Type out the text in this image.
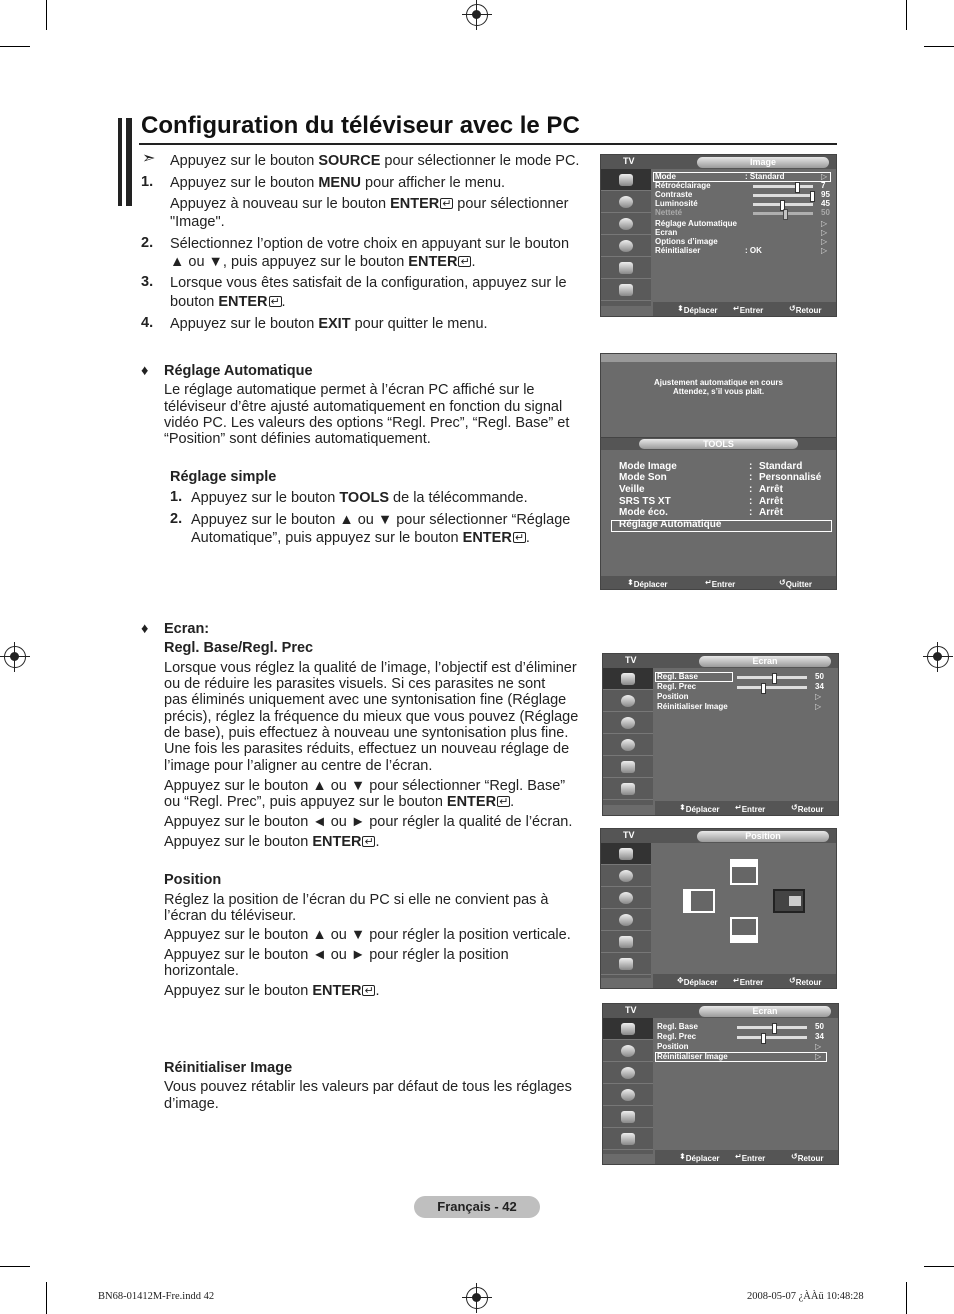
Configuration du téléviseur avec le PC
➣ Appuyez sur le bouton SOURCE pour sélectionner le mode PC.
1. Appuyez sur le bouton MENU pour afficher le menu.
Appuyez à nouveau sur le bouton ENTER↵ pour sélectionner
"Image".
2. Sélectionnez l’option de votre choix en appuyant sur le bouton
▲ ou ▼, puis appuyez sur le bouton ENTER ↵ .
3. Lorsque vous êtes satisfait de la configuration, appuyez sur le
bouton ENTER ↵ .
4. Appuyez sur le bouton EXIT pour quitter le menu.
♦ Réglage Automatique
Le réglage automatique permet à l’écran PC affiché sur le
téléviseur d’être ajusté automatiquement en fonction du signal
vidéo PC. Les valeurs des options “Regl. Prec”, “Regl. Base” et
“Position” sont définies automatiquement.
Réglage simple
1. Appuyez sur le bouton TOOLS de la télécommande.
2. Appuyez sur le bouton ▲ ou ▼ pour sélectionner “Réglage
Automatique”, puis appuyez sur le bouton ENTER ↵ .
♦ Ecran:
Regl. Base/Regl. Prec
Lorsque vous réglez la qualité de l’image, l’objectif est d’éliminer
ou de réduire les parasites visuels. Si ces parasites ne sont
pas éliminés uniquement avec une syntonisation fine (Réglage
précis), réglez la fréquence du mieux que vous pouvez (Réglage
de base), puis effectuez à nouveau une syntonisation plus fine.
Une fois les parasites réduits, effectuez un nouveau réglage de
l’image pour l’aligner au centre de l’écran.
Appuyez sur le bouton ▲ ou ▼ pour sélectionner “Regl. Base”
ou “Regl. Prec”, puis appuyez sur le bouton ENTER ↵ .
Appuyez sur le bouton ◄ ou ► pour régler la qualité de l’écran.
Appuyez sur le bouton ENTER ↵ .
Position
Réglez la position de l’écran du PC si elle ne convient pas à
l’écran du téléviseur.
Appuyez sur le bouton ▲ ou ▼ pour régler la position verticale.
Appuyez sur le bouton ◄ ou ► pour régler la position
horizontale.
Appuyez sur le bouton ENTER ↵ .
Réinitialiser Image
Vous pouvez rétablir les valeurs par défaut de tous les réglages
d’image.
TV	Image
Mode	: Standard	▷
Rétroéclairage	7
Contraste	95
Luminosité	45
Netteté	50
Réglage Automatique	▷
Ecran	▷
Options d’image	▷
Réinitialiser	: OK	▷
⬍ Déplacer ↵ Entrer	↺ Retour
Ajustement automatique en cours
Attendez, s’il vous plaît.
TOOLS
Mode Image	: Standard
Mode Son	: Personnalisé
Veille	: Arrêt
SRS TS XT	: Arrêt
Mode éco.	: Arrêt
Réglage Automatique
⬍ Déplacer	↵ Entrer	↺ Quitter
TV	Ecran
Regl. Base	50
Regl. Prec	34
Position	▷
Réinitialiser Image	▷
⬍ Déplacer ↵ Entrer	↺ Retour
TV	Position
✥ Déplacer ↵ Entrer	↺ Retour
TV	Ecran
Regl. Base	50
Regl. Prec	34
Position	▷
Réinitialiser Image	▷
⬍ Déplacer ↵ Entrer	↺ Retour
Français - 42
BN68-01412M-Fre.indd 42	2008-05-07 ¿ÀÀü 10:48:28
